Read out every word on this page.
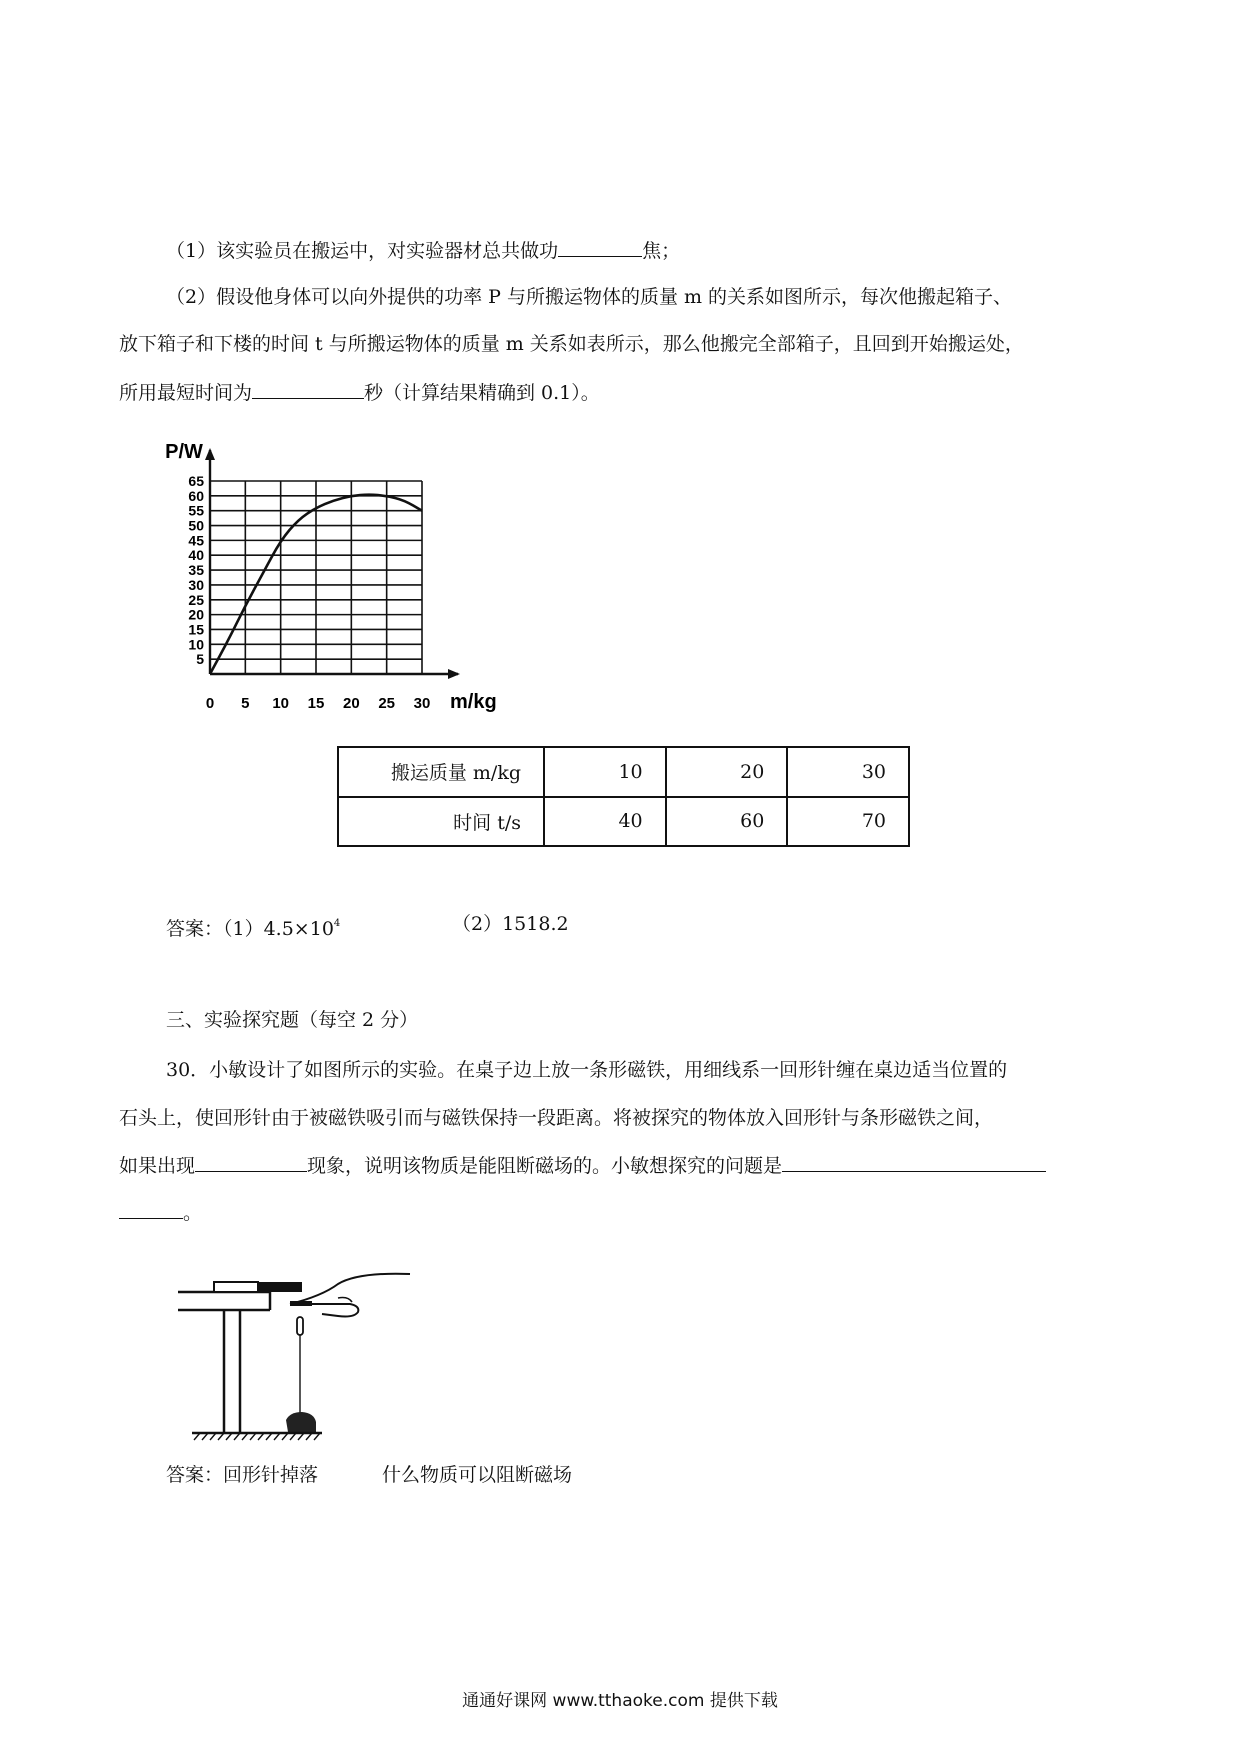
（1）该实验员在搬运中，对实验器材总共做功	焦；
（2）假设他身体可以向外提供的功率 P 与所搬运物体的质量 m 的关系如图所示，每次他搬起箱子、
放下箱子和下楼的时间 t 与所搬运物体的质量 m 关系如表所示，那么他搬完全部箱子，且回到开始搬运处，
所用最短时间为	秒（计算结果精确到 0.1）。
5
10
15
20
25
30
35
40
45
50
55
60
65
0 5 10 15 20 25 30
P/W
m/kg
搬运质量 m/kg	10	20	30
时间 t/s	40	60	70
答案：$(1)4.5\times 10^4$	（2）1518.2
三、实验探究题（每空 2 分）
30．小敏设计了如图所示的实验。在桌子边上放一条形磁铁，用细线系一回形针缠在桌边适当位置的
石头上，使回形针由于被磁铁吸引而与磁铁保持一段距离。将被探究的物体放入回形针与条形磁铁之间，
如果出现	现象，说明该物质是能阻断磁场的。小敏想探究的问题是
。
答案：回形针掉落	什么物质可以阻断磁场
通通好课网 www.tthaoke.com 提供下载
